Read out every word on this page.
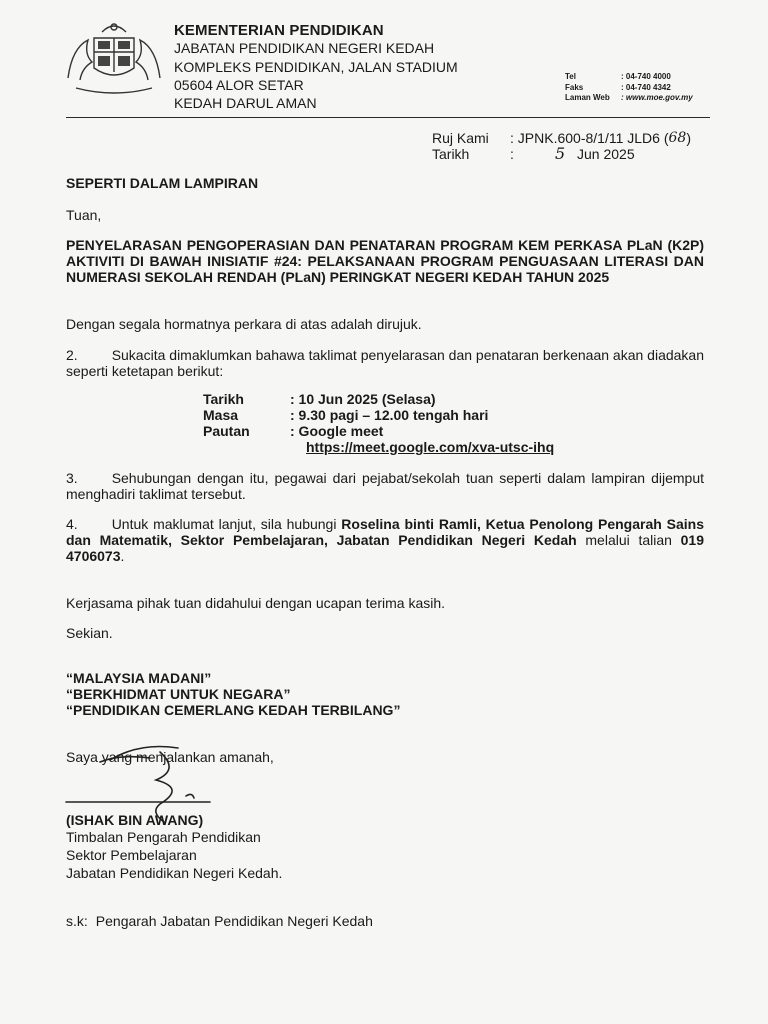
KEMENTERIAN PENDIDIKAN
JABATAN PENDIDIKAN NEGERI KEDAH
KOMPLEKS PENDIDIKAN, JALAN STADIUM
05604 ALOR SETAR
KEDAH DARUL AMAN
Tel	: 04-740 4000
Faks	: 04-740 4342
Laman Web	: www.moe.gov.my
Ruj Kami	: JPNK.600-8/1/11 JLD6 ( 68 )
Tarikh	:	5 Jun 2025
SEPERTI DALAM LAMPIRAN
Tuan,
PENYELARASAN PENGOPERASIAN DAN PENATARAN PROGRAM KEM PERKASA PLaN (K2P) AKTIVITI DI BAWAH INISIATIF #24: PELAKSANAAN PROGRAM PENGUASAAN LITERASI DAN NUMERASI SEKOLAH RENDAH (PLaN) PERINGKAT NEGERI KEDAH TAHUN 2025
Dengan segala hormatnya perkara di atas adalah dirujuk.
2. Sukacita dimaklumkan bahawa taklimat penyelarasan dan penataran berkenaan akan diadakan seperti ketetapan berikut:
Tarikh	: 10 Jun 2025 (Selasa)
Masa	: 9.30 pagi – 12.00 tengah hari
Pautan	: Google meet
https://meet.google.com/xva-utsc-ihq
3. Sehubungan dengan itu, pegawai dari pejabat/sekolah tuan seperti dalam lampiran dijemput menghadiri taklimat tersebut.
4. Untuk maklumat lanjut, sila hubungi Roselina binti Ramli, Ketua Penolong Pengarah Sains dan Matematik, Sektor Pembelajaran, Jabatan Pendidikan Negeri Kedah melalui talian 019 4706073.
Kerjasama pihak tuan didahului dengan ucapan terima kasih.
Sekian.
“MALAYSIA MADANI”
“BERKHIDMAT UNTUK NEGARA”
“PENDIDIKAN CEMERLANG KEDAH TERBILANG”
Saya yang menjalankan amanah,
(ISHAK BIN AWANG)
Timbalan Pengarah Pendidikan
Sektor Pembelajaran
Jabatan Pendidikan Negeri Kedah.
s.k: Pengarah Jabatan Pendidikan Negeri Kedah
